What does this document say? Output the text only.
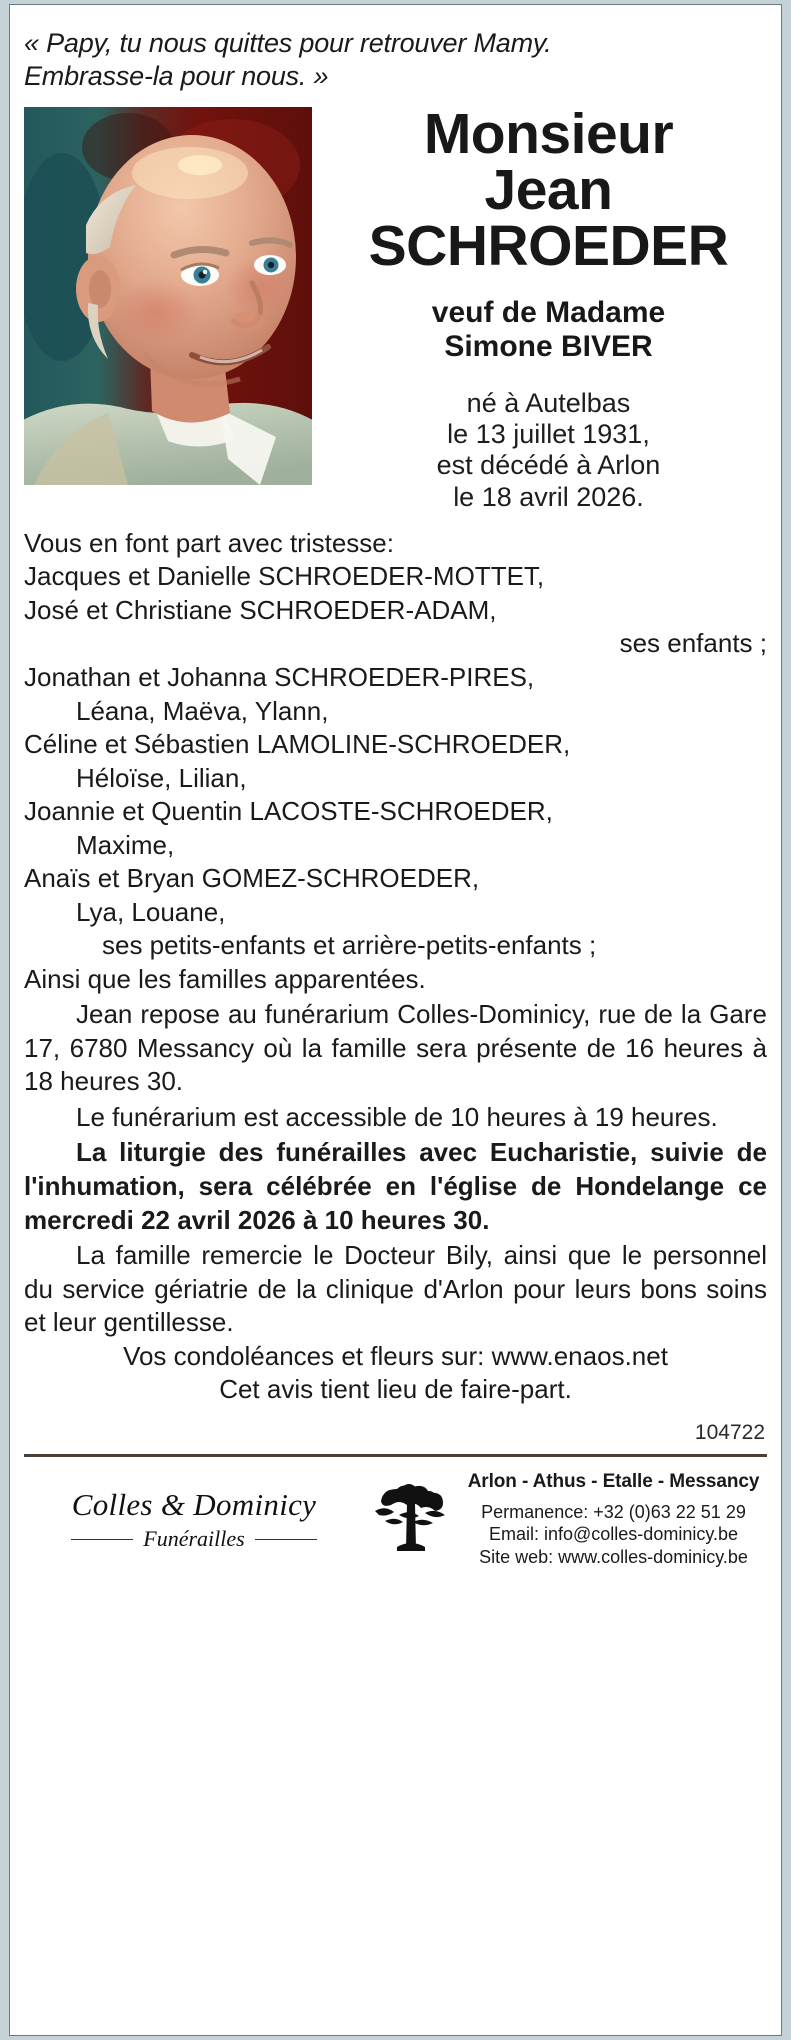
« Papy, tu nous quittes pour retrouver Mamy.
Embrasse-la pour nous. »
Monsieur
Jean
SCHROEDER
veuf de Madame
Simone BIVER
né à Autelbas
le 13 juillet 1931,
est décédé à Arlon
le 18 avril 2026.
Vous en font part avec tristesse:
Jacques et Danielle SCHROEDER-MOTTET,
José et Christiane SCHROEDER-ADAM,
ses enfants ;
Jonathan et Johanna SCHROEDER-PIRES,
Léana, Maëva, Ylann,
Céline et Sébastien LAMOLINE-SCHROEDER,
Héloïse, Lilian,
Joannie et Quentin LACOSTE-SCHROEDER,
Maxime,
Anaïs et Bryan GOMEZ-SCHROEDER,
Lya, Louane,
ses petits-enfants et arrière-petits-enfants ;
Ainsi que les familles apparentées.
Jean repose au funérarium Colles-Dominicy, rue de la Gare 17, 6780 Messancy où la famille sera présente de 16 heures à 18 heures 30.
Le funérarium est accessible de 10 heures à 19 heures.
La liturgie des funérailles avec Eucharistie, suivie de l'inhumation, sera célébrée en l'église de Hondelange ce mercredi 22 avril 2026 à 10 heures 30.
La famille remercie le Docteur Bily, ainsi que le personnel du service gériatrie de la clinique d'Arlon pour leurs bons soins et leur gentillesse.
Vos condoléances et fleurs sur: www.enaos.net
Cet avis tient lieu de faire-part.
104722
Colles & Dominicy
Funérailles
Arlon - Athus - Etalle - Messancy
Permanence: +32 (0)63 22 51 29
Email: info@colles-dominicy.be
Site web: www.colles-dominicy.be
